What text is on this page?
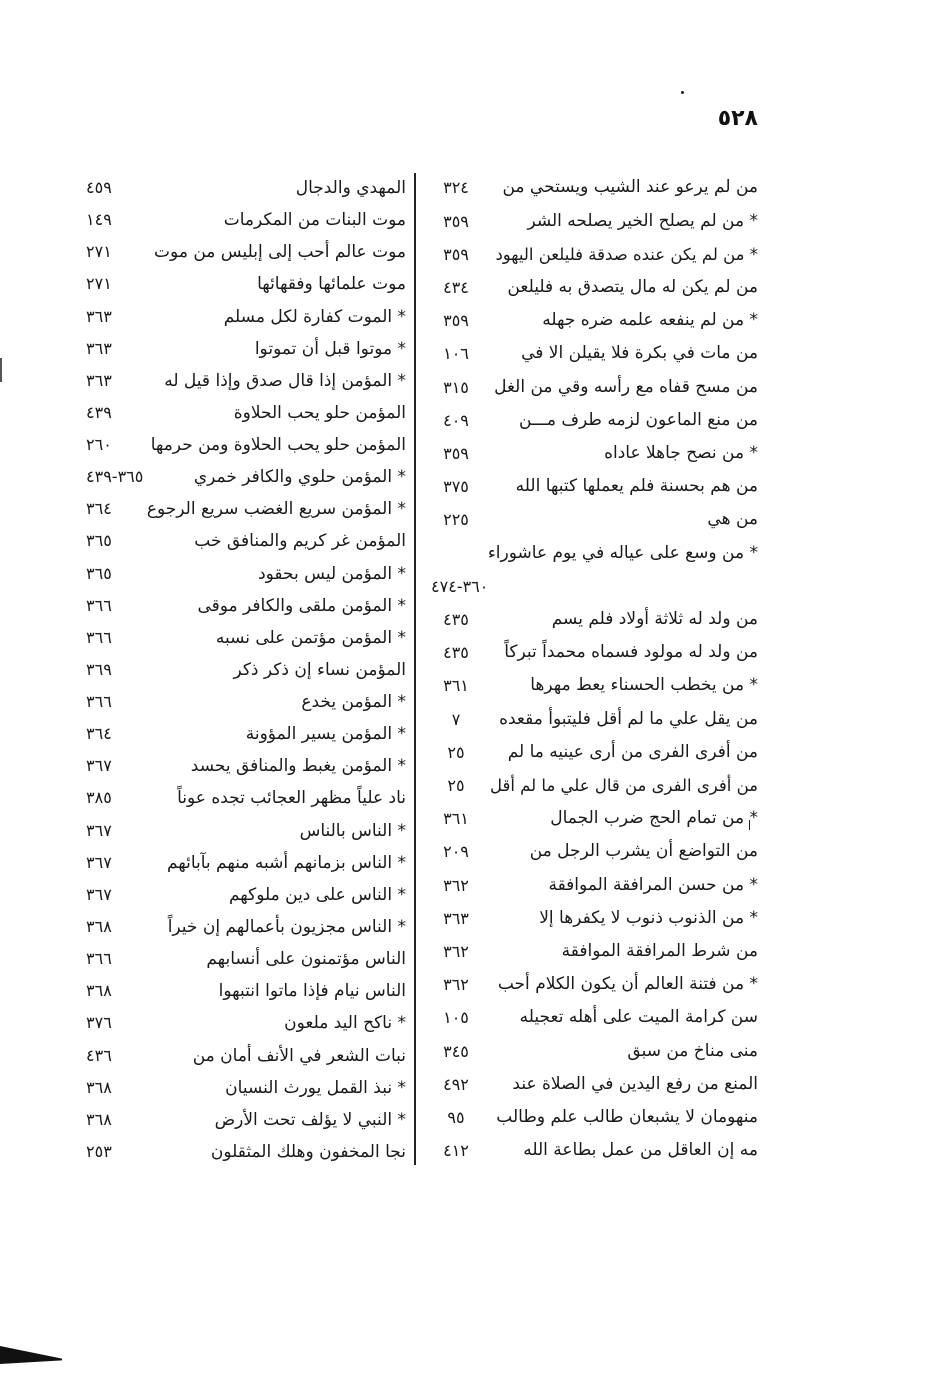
٥٢٨
من لم يرعو عند الشيب ويستحي من
٣٢٤
* من لم يصلح الخير يصلحه الشر
٣٥٩
* من لم يكن عنده صدقة فليلعن اليهود
٣٥٩
من لم يكن له مال يتصدق به فليلعن
٤٣٤
* من لم ينفعه علمه ضره جهله
٣٥٩
من مات في بكرة فلا يقيلن الا في
١٠٦
من مسح قفاه مع رأسه وقي من الغل
٣١٥
من منع الماعون لزمه طرف مـــن
٤٠٩
* من نصح جاهلا عاداه
٣٥٩
من هم بحسنة فلم يعملها كتبها الله
٣٧٥
من هي
٢٢٥
* من وسع على عياله في يوم عاشوراء
٣٦٠-٤٧٤
من ولد له ثلاثة أولاد فلم يسم
٤٣٥
من ولد له مولود فسماه محمداً تبركاً
٤٣٥
* من يخطب الحسناء يعط مهرها
٣٦١
من يقل علي ما لم أقل فليتبوأ مقعده
٧
من أفرى الفرى من أرى عينيه ما لم
٢٥
من أفرى الفرى من قال علي ما لم أقل
٢٥
* من تمام الحج ضرب الجمال
٣٦١
من التواضع أن يشرب الرجل من
٢٠٩
* من حسن المرافقة الموافقة
٣٦٢
* من الذنوب ذنوب لا يكفرها إلا
٣٦٣
من شرط المرافقة الموافقة
٣٦٢
* من فتنة العالم أن يكون الكلام أحب
٣٦٢
سن كرامة الميت على أهله تعجيله
١٠٥
منى مناخ من سبق
٣٤٥
المنع من رفع اليدين في الصلاة عند
٤٩٢
منهومان لا يشبعان طالب علم وطالب
٩٥
مه إن العاقل من عمل بطاعة الله
٤١٢
المهدي والدجال
٤٥٩
موت البنات من المكرمات
١٤٩
موت عالم أحب إلى إبليس من موت
٢٧١
موت علمائها وفقهائها
٢٧١
* الموت كفارة لكل مسلم
٣٦٣
* موتوا قبل أن تموتوا
٣٦٣
* المؤمن إذا قال صدق وإذا قيل له
٣٦٣
المؤمن حلو يحب الحلاوة
٤٣٩
المؤمن حلو يحب الحلاوة ومن حرمها
٢٦٠
* المؤمن حلوي والكافر خمري
٣٦٥-٤٣٩
* المؤمن سريع الغضب سريع الرجوع
٣٦٤
المؤمن غر كريم والمنافق خب
٣٦٥
* المؤمن ليس بحقود
٣٦٥
* المؤمن ملقى والكافر موقى
٣٦٦
* المؤمن مؤتمن على نسبه
٣٦٦
المؤمن نساء إن ذكر ذكر
٣٦٩
* المؤمن يخدع
٣٦٦
* المؤمن يسير المؤونة
٣٦٤
* المؤمن يغبط والمنافق يحسد
٣٦٧
ناد علياً مظهر العجائب تجده عوناً
٣٨٥
* الناس بالناس
٣٦٧
* الناس بزمانهم أشبه منهم بآبائهم
٣٦٧
* الناس على دين ملوكهم
٣٦٧
* الناس مجزيون بأعمالهم إن خيراً
٣٦٨
الناس مؤتمنون على أنسابهم
٣٦٦
الناس نيام فإذا ماتوا انتبهوا
٣٦٨
* ناكح اليد ملعون
٣٧٦
نبات الشعر في الأنف أمان من
٤٣٦
* نبذ القمل يورث النسيان
٣٦٨
* النبي لا يؤلف تحت الأرض
٣٦٨
نجا المخفون وهلك المثقلون
٢٥٣
